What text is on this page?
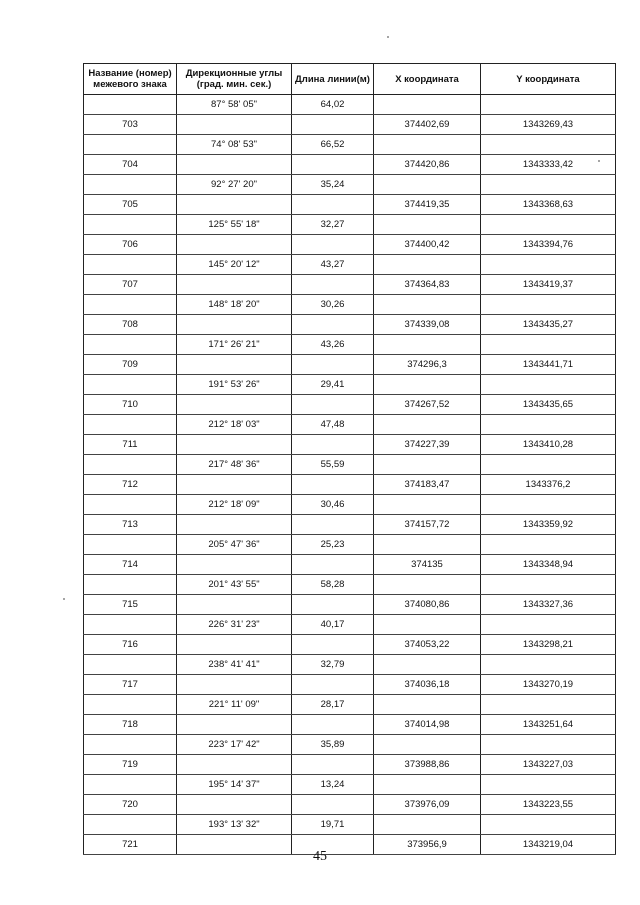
Название (номер) межевого знака	Дирекционные углы (град. мин. сек.)	Длина линии(м)	X координата	Y координата
	87° 58' 05"	64,02		
703			374402,69	1343269,43
	74° 08' 53"	66,52		
704			374420,86	1343333,42
	92° 27' 20"	35,24		
705			374419,35	1343368,63
	125° 55' 18"	32,27		
706			374400,42	1343394,76
	145° 20' 12"	43,27		
707			374364,83	1343419,37
	148° 18' 20"	30,26		
708			374339,08	1343435,27
	171° 26' 21"	43,26		
709			374296,3	1343441,71
	191° 53' 26"	29,41		
710			374267,52	1343435,65
	212° 18' 03"	47,48		
711			374227,39	1343410,28
	217° 48' 36"	55,59		
712			374183,47	1343376,2
	212° 18' 09"	30,46		
713			374157,72	1343359,92
	205° 47' 36"	25,23		
714			374135	1343348,94
	201° 43' 55"	58,28		
715			374080,86	1343327,36
	226° 31' 23"	40,17		
716			374053,22	1343298,21
	238° 41' 41"	32,79		
717			374036,18	1343270,19
	221° 11' 09"	28,17		
718			374014,98	1343251,64
	223° 17' 42"	35,89		
719			373988,86	1343227,03
	195° 14' 37"	13,24		
720			373976,09	1343223,55
	193° 13' 32"	19,71		
721			373956,9	1343219,04
45
